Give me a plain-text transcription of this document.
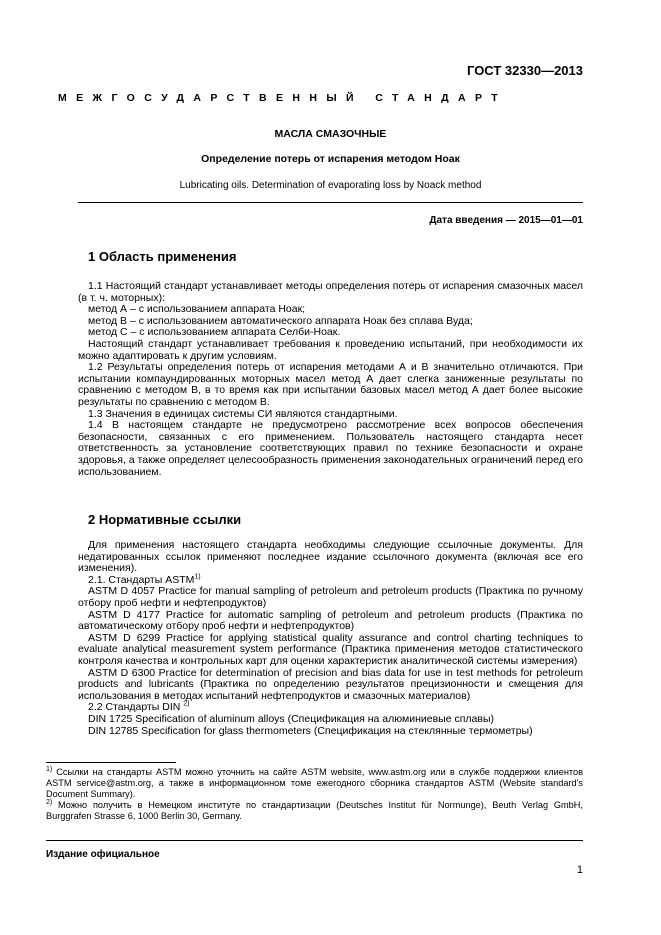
ГОСТ 32330—2013
МЕЖГОСУДАРСТВЕННЫЙ СТАНДАРТ
МАСЛА СМАЗОЧНЫЕ
Определение потерь от испарения методом Ноак
Lubricating oils. Determination of evaporating loss by Noack method
Дата введения — 2015—01—01
1 Область применения

1.1 Настоящий стандарт устанавливает методы определения потерь от испарения смазочных масел (в т. ч. моторных):

метод А – с использованием аппарата Ноак;

метод В – с использованием автоматического аппарата Ноак без сплава Вуда;

метод С – с использованием аппарата Селби-Ноак.

Настоящий стандарт устанавливает требования к проведению испытаний, при необходимости их можно адаптировать к другим условиям.

1.2 Результаты определения потерь от испарения методами А и В значительно отличаются. При испытании компаундированных моторных масел метод А дает слегка заниженные результаты по сравнению с методом В, в то время как при испытании базовых масел метод А дает более высокие результаты по сравнению с методом В.

1.3 Значения в единицах системы СИ являются стандартными.

1.4 В настоящем стандарте не предусмотрено рассмотрение всех вопросов обеспечения безопасности, связанных с его применением. Пользователь настоящего стандарта несет ответственность за установление соответствующих правил по технике безопасности и охране здоровья, а также определяет целесообразность применения законодательных ограничений перед его использованием.

2 Нормативные ссылки

Для применения настоящего стандарта необходимы следующие ссылочные документы. Для недатированных ссылок применяют последнее издание ссылочного документа (включая все его изменения).

2.1. Стандарты ASTM$^{1)}$

ASTM D 4057 Practice for manual sampling of petroleum and petroleum products (Практика по ручному отбору проб нефти и нефтепродуктов)

ASTM D 4177 Practice for automatic sampling of petroleum and petroleum products (Практика по автоматическому отбору проб нефти и нефтепродуктов)

ASTM D 6299 Practice for applying statistical quality assurance and control charting techniques to evaluate analytical measurement system performance (Практика применения методов статистического контроля качества и контрольных карт для оценки характеристик аналитической системы измерения)

ASTM D 6300 Practice for determination of precision and bias data for use in test methods for petroleum products and lubricants (Практика по определению результатов прецизионности и смещения для использования в методах испытаний нефтепродуктов и смазочных материалов)

2.2 Стандарты DIN $^{2)}$

DIN 1725 Specification of aluminum alloys (Спецификация на алюминиевые сплавы)

DIN 12785 Specification for glass thermometers (Спецификация на стеклянные термометры)

$^{1)}$ Ссылки на стандарты ASTM можно уточнить на сайте ASTM website, www.astm.org или в службе поддержки клиентов ASTM service@astm.org, а также в информационном томе ежегодного сборника стандартов ASTM (Website standard's Document Summary).

$^{2)}$ Можно получить в Немецком институте по стандартизации (Deutsches Institut für Normunge), Beuth Verlag GmbH, Burggrafen Strasse 6, 1000 Berlin 30, Germany.

Издание официальное
1
